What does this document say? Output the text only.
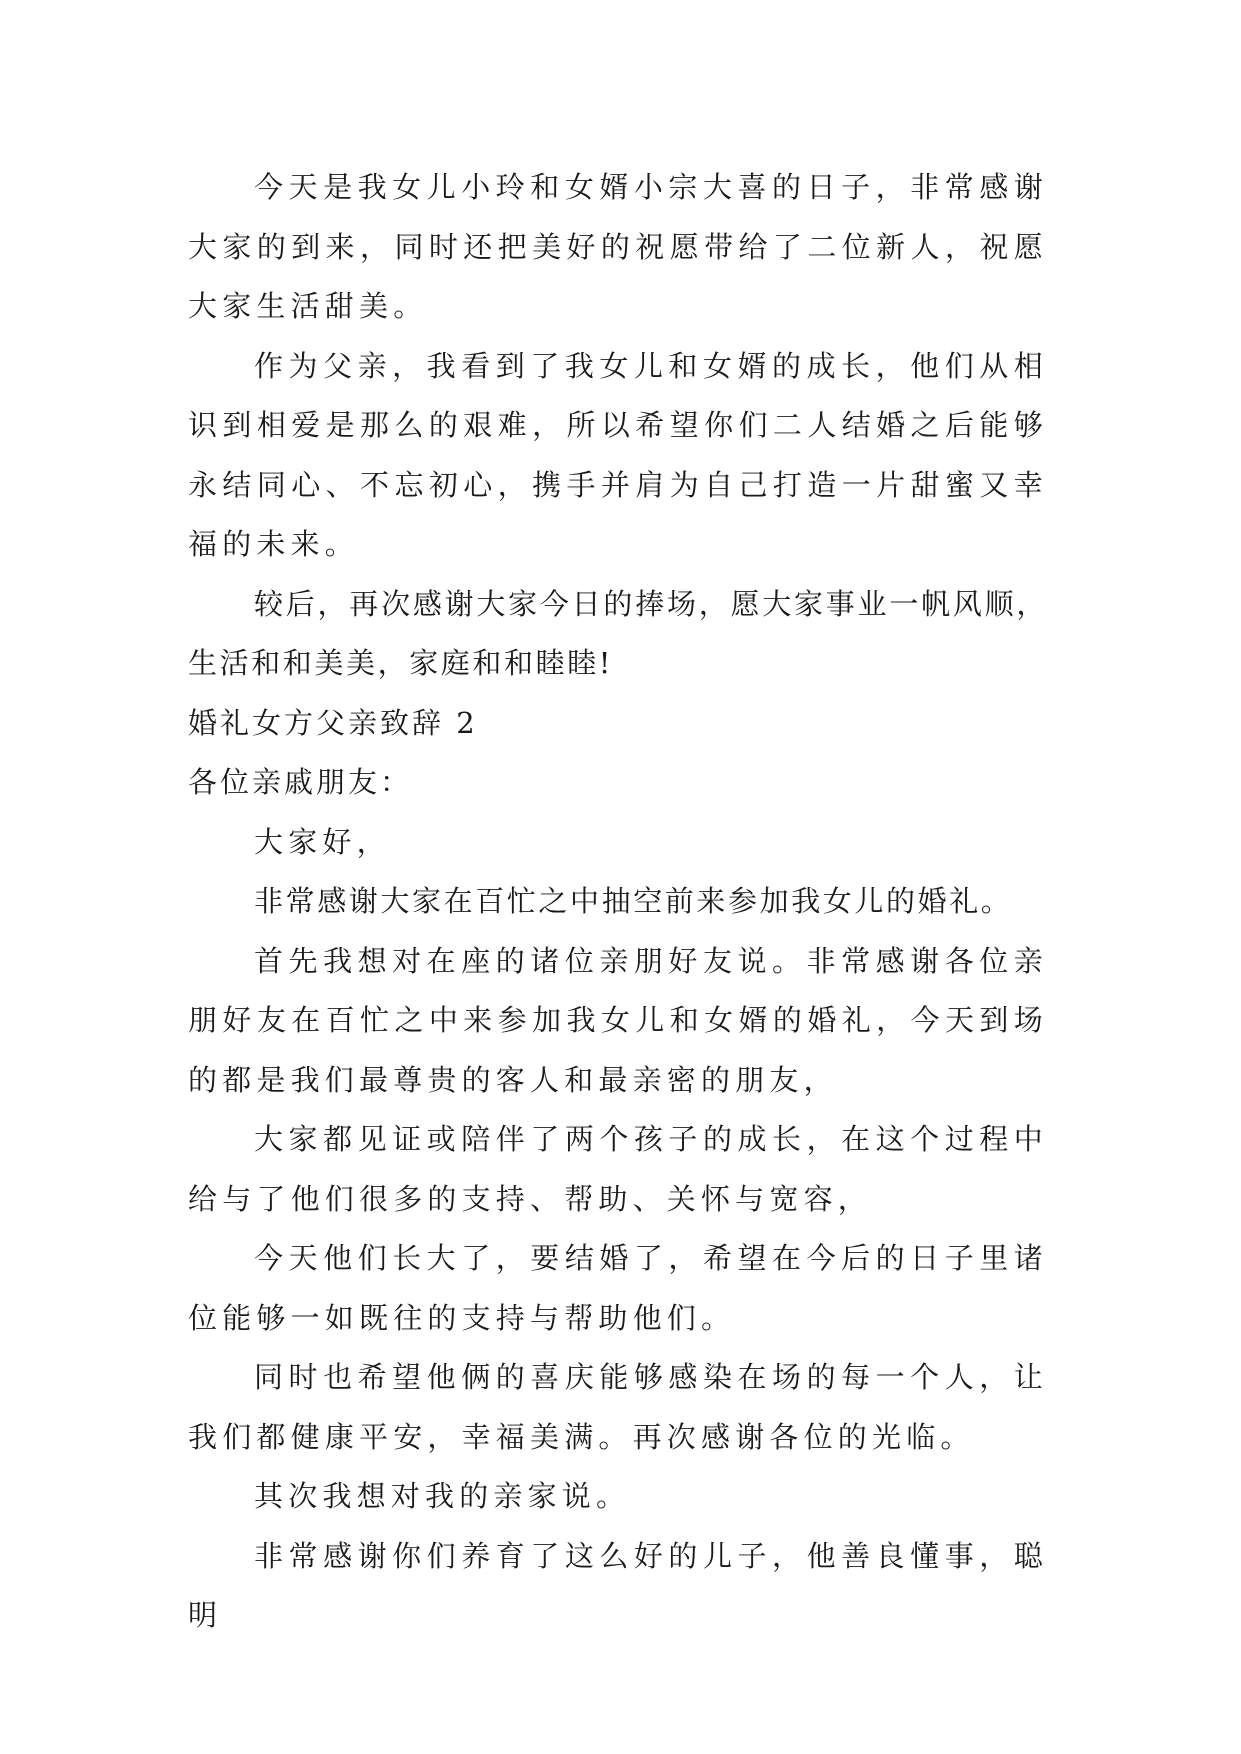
今天是我女儿小玲和女婿小宗大喜的日子，非常感谢大家的到来，同时还把美好的祝愿带给了二位新人，祝愿大家生活甜美。

作为父亲，我看到了我女儿和女婿的成长，他们从相识到相爱是那么的艰难，所以希望你们二人结婚之后能够永结同心、不忘初心，携手并肩为自己打造一片甜蜜又幸福的未来。

较后，再次感谢大家今日的捧场，愿大家事业一帆风顺，生活和和美美，家庭和和睦睦!

婚礼女方父亲致辞 2

各位亲戚朋友：

大家好，

非常感谢大家在百忙之中抽空前来参加我女儿的婚礼。

首先我想对在座的诸位亲朋好友说。非常感谢各位亲朋好友在百忙之中来参加我女儿和女婿的婚礼，今天到场的都是我们最尊贵的客人和最亲密的朋友，

大家都见证或陪伴了两个孩子的成长，在这个过程中给与了他们很多的支持、帮助、关怀与宽容，

今天他们长大了，要结婚了，希望在今后的日子里诸位能够一如既往的支持与帮助他们。

同时也希望他俩的喜庆能够感染在场的每一个人，让我们都健康平安，幸福美满。再次感谢各位的光临。

其次我想对我的亲家说。

非常感谢你们养育了这么好的儿子，他善良懂事，聪明
